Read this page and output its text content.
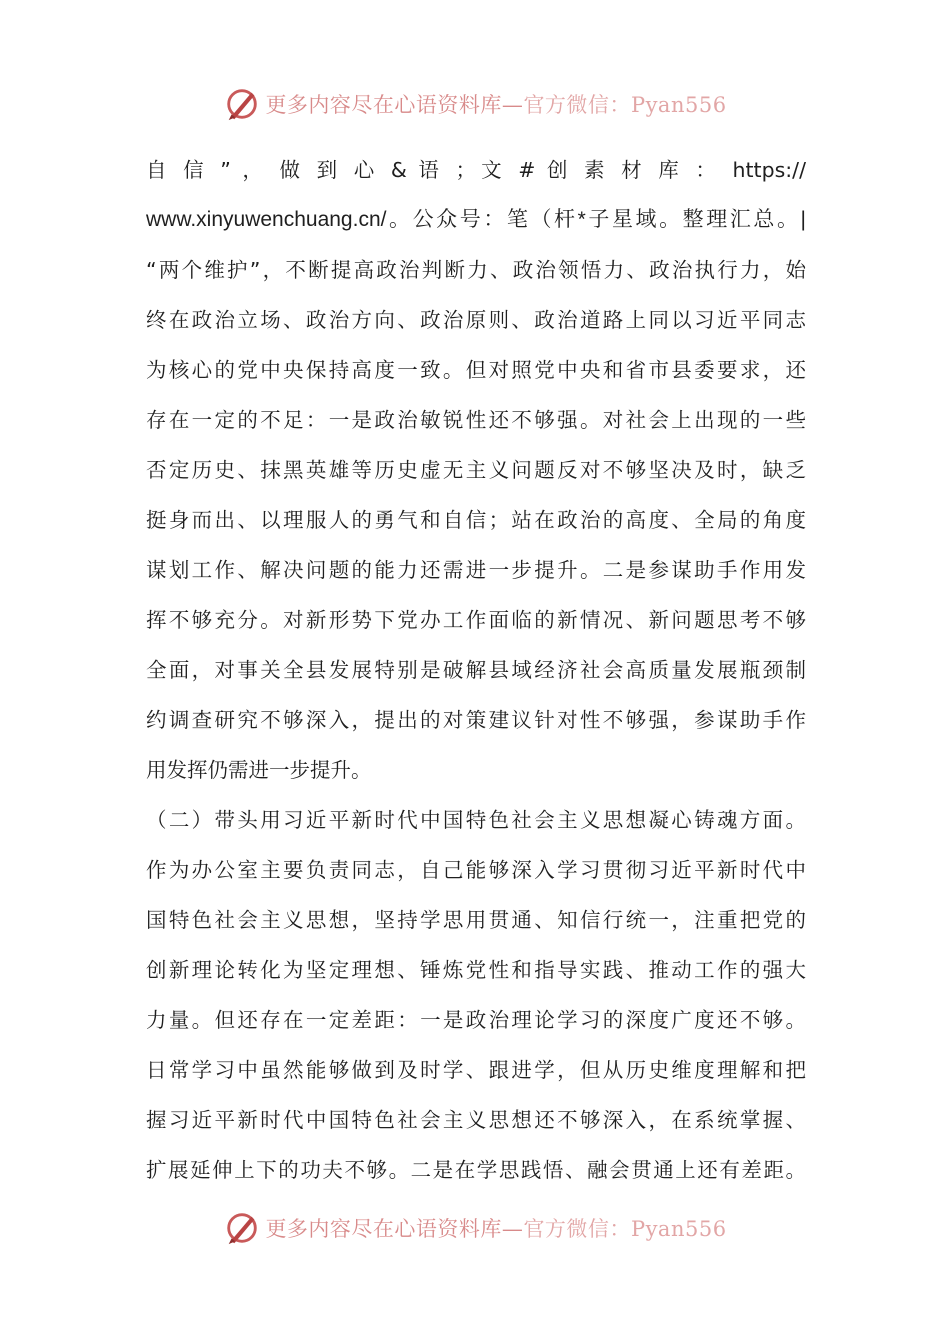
更多内容尽在心语资料库—官方微信：Pyan556
自 信 ” ， 做 到 心 & 语 ；文 # 创 素 材 库 ： https://
www.xinyuwenchuang.cn/。公众号：笔（杆*子星域。整理汇总。|
“两个维护”，不断提高政治判断力、政治领悟力、政治执行力，始
终在政治立场、政治方向、政治原则、政治道路上同以习近平同志
为核心的党中央保持高度一致。但对照党中央和省市县委要求，还
存在一定的不足：一是政治敏锐性还不够强。对社会上出现的一些
否定历史、抹黑英雄等历史虚无主义问题反对不够坚决及时，缺乏
挺身而出、以理服人的勇气和自信；站在政治的高度、全局的角度
谋划工作、解决问题的能力还需进一步提升。二是参谋助手作用发
挥不够充分。对新形势下党办工作面临的新情况、新问题思考不够
全面，对事关全县发展特别是破解县域经济社会高质量发展瓶颈制
约调查研究不够深入，提出的对策建议针对性不够强，参谋助手作
用发挥仍需进一步提升。
（二）带头用习近平新时代中国特色社会主义思想凝心铸魂方面。
作为办公室主要负责同志，自己能够深入学习贯彻习近平新时代中
国特色社会主义思想，坚持学思用贯通、知信行统一，注重把党的
创新理论转化为坚定理想、锤炼党性和指导实践、推动工作的强大
力量。但还存在一定差距：一是政治理论学习的深度广度还不够。
日常学习中虽然能够做到及时学、跟进学，但从历史维度理解和把
握习近平新时代中国特色社会主义思想还不够深入，在系统掌握、
扩展延伸上下的功夫不够。二是在学思践悟、融会贯通上还有差距。
更多内容尽在心语资料库—官方微信：Pyan556
